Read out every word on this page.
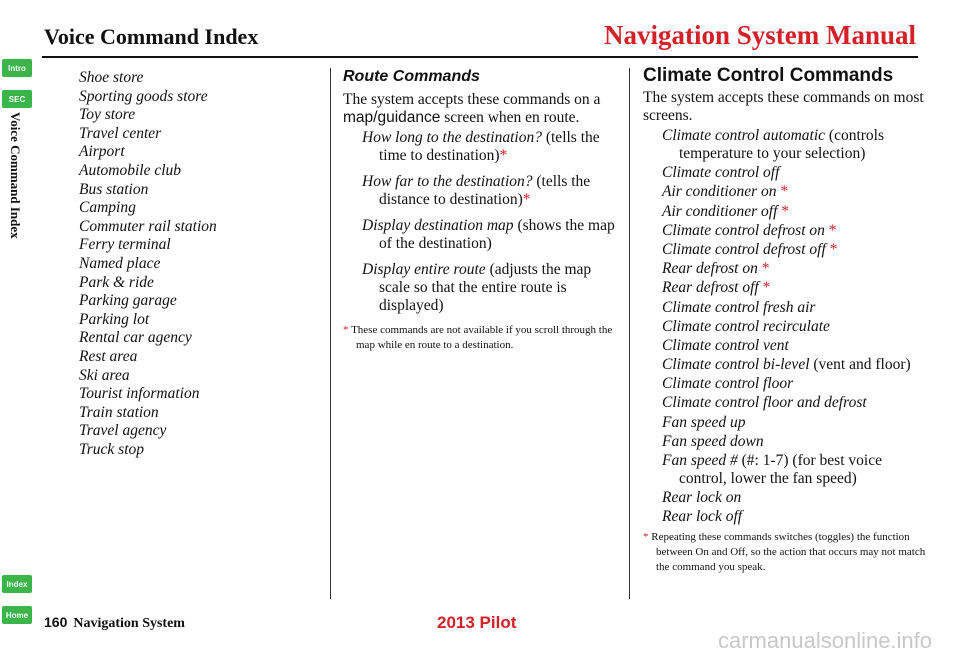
Voice Command Index	Navigation System Manual
Intro
SEC
Voice Command Index
Index
Home
Shoe store
Sporting goods store
Toy store
Travel center
Airport
Automobile club
Bus station
Camping
Commuter rail station
Ferry terminal
Named place
Park & ride
Parking garage
Parking lot
Rental car agency
Rest area
Ski area
Tourist information
Train station
Travel agency
Truck stop
Route Commands
The system accepts these commands on a map/guidance screen when en route.
How long to the destination? (tells the time to destination)*
How far to the destination? (tells the distance to destination)*
Display destination map (shows the map of the destination)
Display entire route (adjusts the map scale so that the entire route is displayed)
* These commands are not available if you scroll through the map while en route to a destination.
Climate Control Commands
The system accepts these commands on most screens.
Climate control automatic (controls temperature to your selection)
Climate control off
Air conditioner on *
Air conditioner off *
Climate control defrost on *
Climate control defrost off *
Rear defrost on *
Rear defrost off *
Climate control fresh air
Climate control recirculate
Climate control vent
Climate control bi-level (vent and floor)
Climate control floor
Climate control floor and defrost
Fan speed up
Fan speed down
Fan speed # (#: 1-7) (for best voice control, lower the fan speed)
Rear lock on
Rear lock off
* Repeating these commands switches (toggles) the function between On and Off, so the action that occurs may not match the command you speak.
160 Navigation System	2013 Pilot
carmanualsonline.info
